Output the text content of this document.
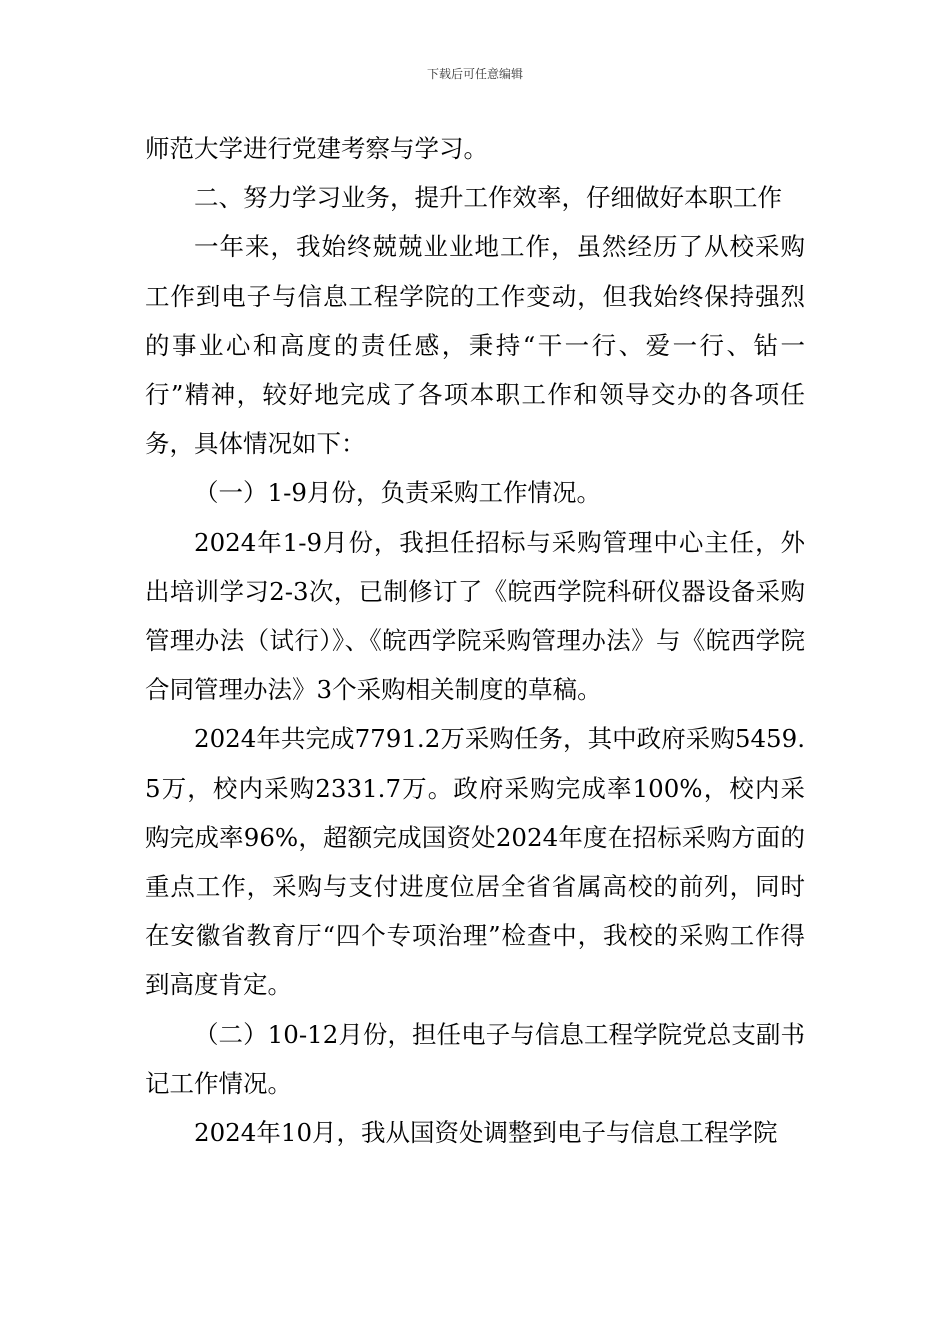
下载后可任意编辑

师范大学进行党建考察与学习。

二、努力学习业务，提升工作效率，仔细做好本职工作

一年来，我始终兢兢业业地工作，虽然经历了从校采购工作到电子与信息工程学院的工作变动，但我始终保持强烈的事业心和高度的责任感，秉持“干一行、爱一行、钻一行”精神，较好地完成了各项本职工作和领导交办的各项任务，具体情况如下：

（一）1-9月份，负责采购工作情况。

2024年1-9月份，我担任招标与采购管理中心主任，外出培训学习2-3次，已制修订了《皖西学院科研仪器设备采购管理办法（试行）》、《皖西学院采购管理办法》与《皖西学院合同管理办法》3个采购相关制度的草稿。

2024年共完成7791.2万采购任务，其中政府采购5459.5万，校内采购2331.7万。政府采购完成率100%，校内采购完成率96%，超额完成国资处2024年度在招标采购方面的重点工作，采购与支付进度位居全省省属高校的前列，同时在安徽省教育厅“四个专项治理”检查中，我校的采购工作得到高度肯定。

（二）10-12月份，担任电子与信息工程学院党总支副书记工作情况。

2024年10月，我从国资处调整到电子与信息工程学院
